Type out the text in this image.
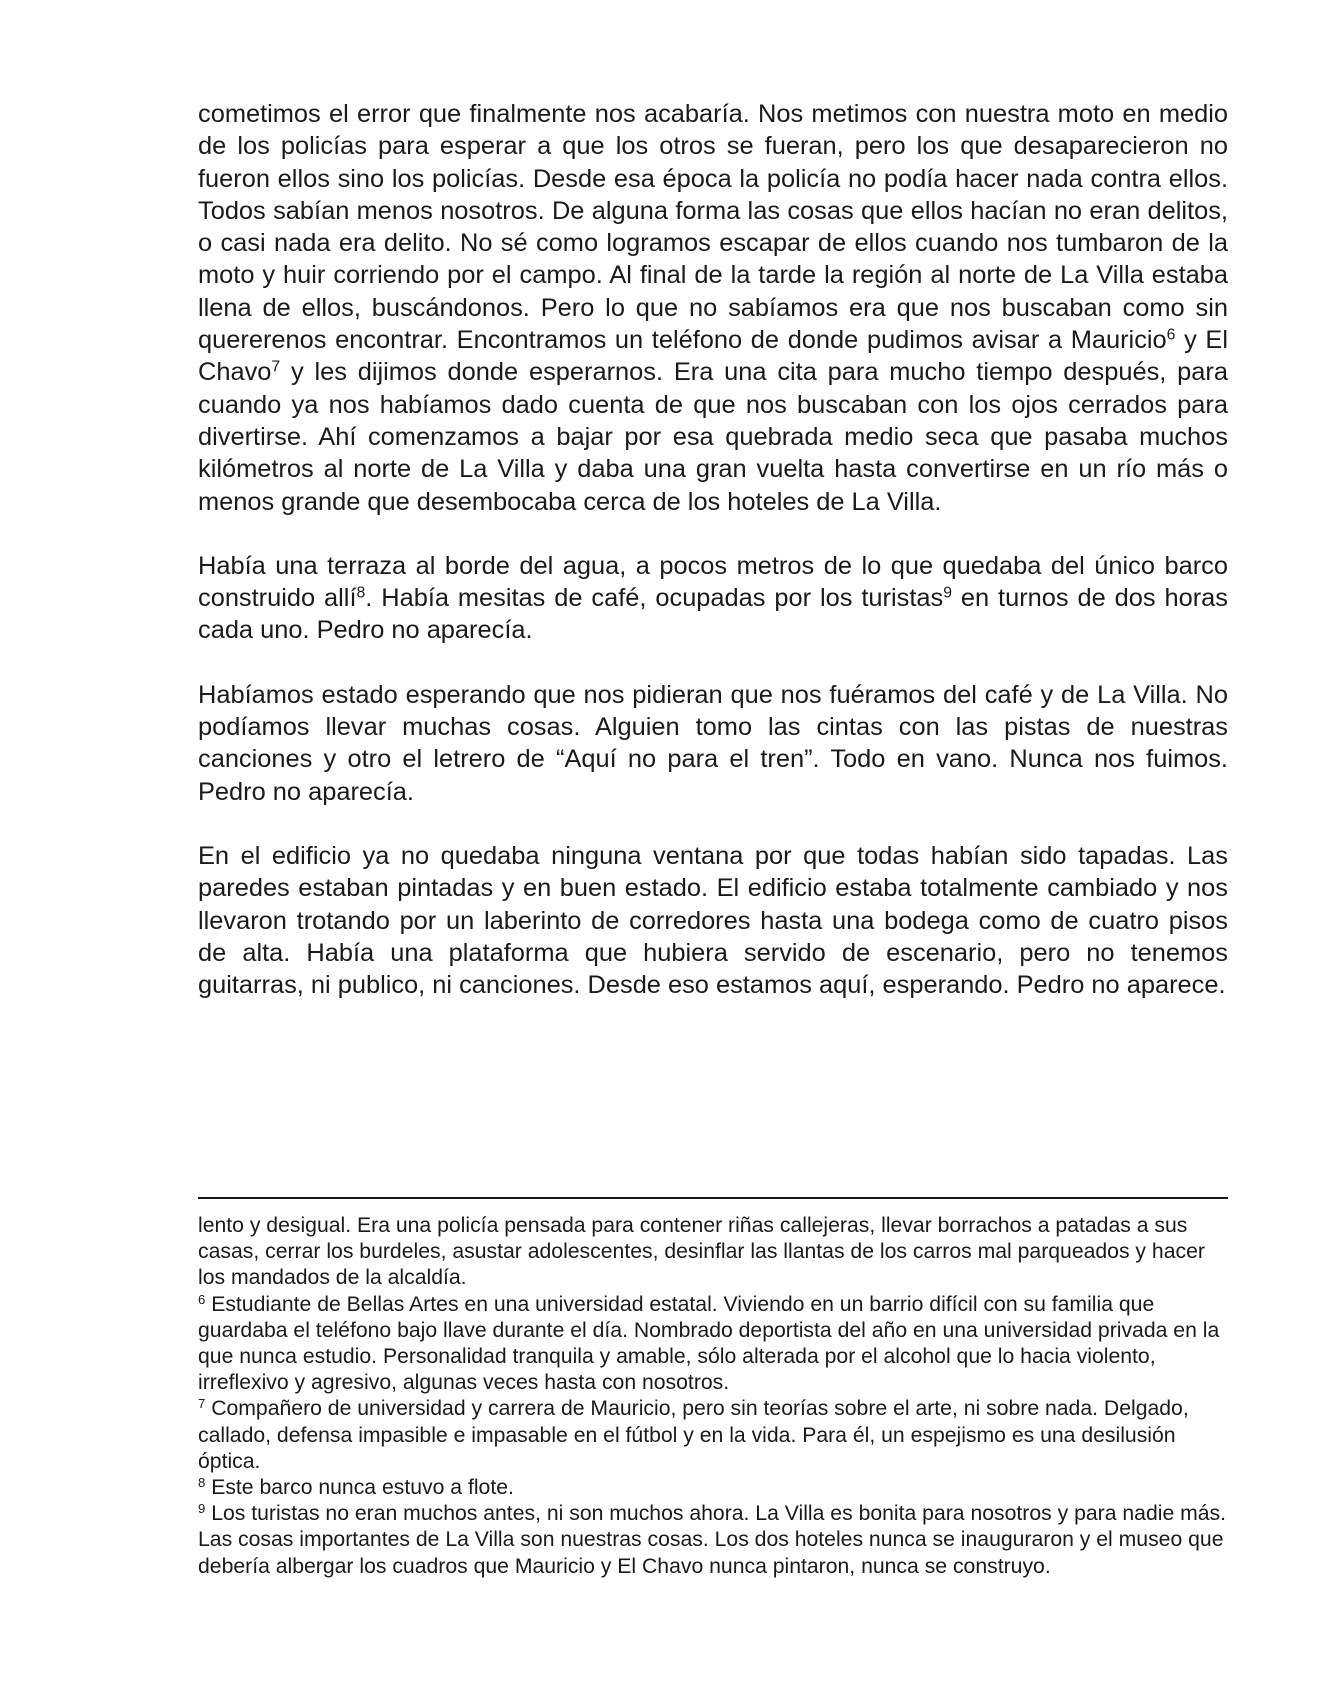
cometimos el error que finalmente nos acabaría. Nos metimos con nuestra moto en medio de los policías para esperar a que los otros se fueran, pero los que desaparecieron no fueron ellos sino los policías. Desde esa época la policía no podía hacer nada contra ellos. Todos sabían menos nosotros. De alguna forma las cosas que ellos hacían no eran delitos, o casi nada era delito. No sé como logramos escapar de ellos cuando nos tumbaron de la moto y huir corriendo por el campo. Al final de la tarde la región al norte de La Villa estaba llena de ellos, buscándonos. Pero lo que no sabíamos era que nos buscaban como sin quererenos encontrar. Encontramos un teléfono de donde pudimos avisar a Mauricio$^6$ y El Chavo$^7$ y les dijimos donde esperarnos. Era una cita para mucho tiempo después, para cuando ya nos habíamos dado cuenta de que nos buscaban con los ojos cerrados para divertirse. Ahí comenzamos a bajar por esa quebrada medio seca que pasaba muchos kilómetros al norte de La Villa y daba una gran vuelta hasta convertirse en un río más o menos grande que desembocaba cerca de los hoteles de La Villa.

Había una terraza al borde del agua, a pocos metros de lo que quedaba del único barco construido allí$^8$. Había mesitas de café, ocupadas por los turistas$^9$ en turnos de dos horas cada uno. Pedro no aparecía.

Habíamos estado esperando que nos pidieran que nos fuéramos del café y de La Villa. No podíamos llevar muchas cosas. Alguien tomo las cintas con las pistas de nuestras canciones y otro el letrero de “Aquí no para el tren”. Todo en vano. Nunca nos fuimos. Pedro no aparecía.

En el edificio ya no quedaba ninguna ventana por que todas habían sido tapadas. Las paredes estaban pintadas y en buen estado. El edificio estaba totalmente cambiado y nos llevaron trotando por un laberinto de corredores hasta una bodega como de cuatro pisos de alta. Había una plataforma que hubiera servido de escenario, pero no tenemos guitarras, ni publico, ni canciones. Desde eso estamos aquí, esperando. Pedro no aparece.

lento y desigual. Era una policía pensada para contener riñas callejeras, llevar borrachos a patadas a sus casas, cerrar los burdeles, asustar adolescentes, desinflar las llantas de los carros mal parqueados y hacer los mandados de la alcaldía.

$^6$ Estudiante de Bellas Artes en una universidad estatal. Viviendo en un barrio difícil con su familia que guardaba el teléfono bajo llave durante el día. Nombrado deportista del año en una universidad privada en la que nunca estudio. Personalidad tranquila y amable, sólo alterada por el alcohol que lo hacia violento, irreflexivo y agresivo, algunas veces hasta con nosotros.

$^7$ Compañero de universidad y carrera de Mauricio, pero sin teorías sobre el arte, ni sobre nada. Delgado, callado, defensa impasible e impasable en el fútbol y en la vida. Para él, un espejismo es una desilusión óptica.

$^8$ Este barco nunca estuvo a flote.

$^9$ Los turistas no eran muchos antes, ni son muchos ahora. La Villa es bonita para nosotros y para nadie más. Las cosas importantes de La Villa son nuestras cosas. Los dos hoteles nunca se inauguraron y el museo que debería albergar los cuadros que Mauricio y El Chavo nunca pintaron, nunca se construyo.
